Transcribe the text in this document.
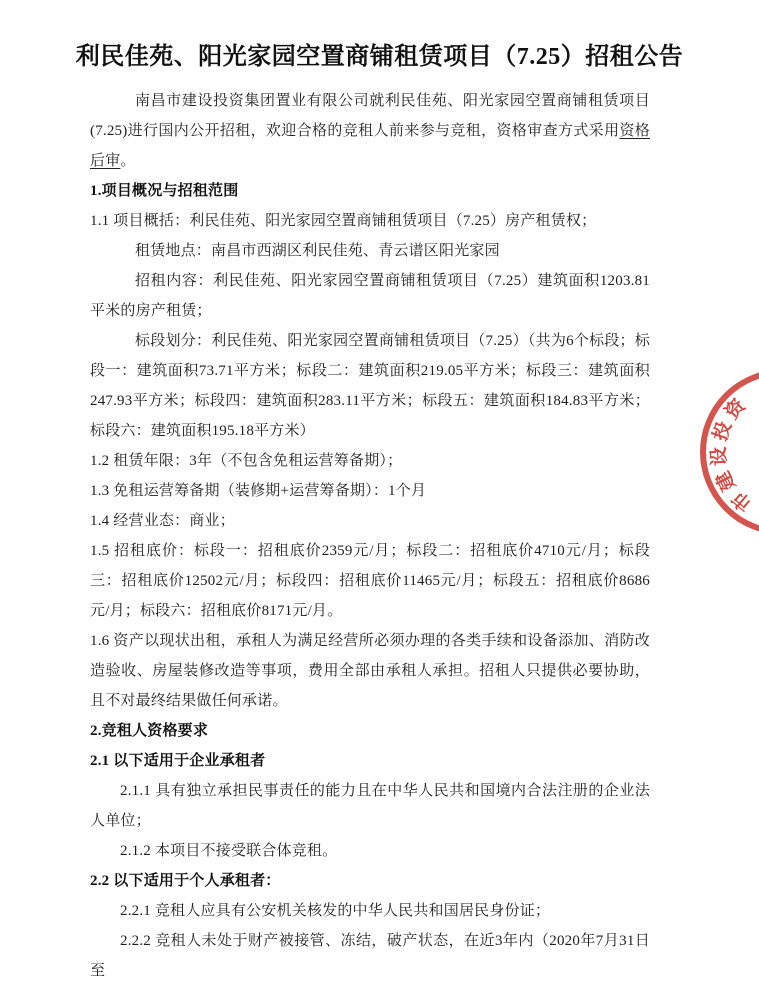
利民佳苑、阳光家园空置商铺租赁项目（7.25）招租公告

南昌市建设投资集团置业有限公司就利民佳苑、阳光家园空置商铺租赁项目(7.25)进行国内公开招租，欢迎合格的竞租人前来参与竞租，资格审查方式采用资格后审。

1.项目概况与招租范围

1.1 项目概括：利民佳苑、阳光家园空置商铺租赁项目（7.25）房产租赁权；

租赁地点：南昌市西湖区利民佳苑、青云谱区阳光家园

招租内容：利民佳苑、阳光家园空置商铺租赁项目（7.25）建筑面积1203.81平米的房产租赁；

标段划分：利民佳苑、阳光家园空置商铺租赁项目（7.25）（共为6个标段；标段一：建筑面积73.71平方米；标段二：建筑面积219.05平方米；标段三：建筑面积247.93平方米；标段四：建筑面积283.11平方米；标段五：建筑面积184.83平方米；标段六：建筑面积195.18平方米）

1.2 租赁年限：3年（不包含免租运营筹备期）；

1.3 免租运营筹备期（装修期+运营筹备期）：1个月

1.4 经营业态：商业；

1.5 招租底价：标段一：招租底价2359元/月；标段二：招租底价4710元/月；标段三：招租底价12502元/月；标段四：招租底价11465元/月；标段五：招租底价8686元/月；标段六：招租底价8171元/月。

1.6 资产以现状出租，承租人为满足经营所必须办理的各类手续和设备添加、消防改造验收、房屋装修改造等事项，费用全部由承租人承担。招租人只提供必要协助，且不对最终结果做任何承诺。

2.竞租人资格要求

2.1 以下适用于企业承租者

2.1.1 具有独立承担民事责任的能力且在中华人民共和国境内合法注册的企业法人单位；

2.1.2 本项目不接受联合体竞租。

2.2 以下适用于个人承租者：

2.2.1 竞租人应具有公安机关核发的中华人民共和国居民身份证；

2.2.2 竞租人未处于财产被接管、冻结，破产状态，在近3年内（2020年7月31日至

市
建
设
投
资
